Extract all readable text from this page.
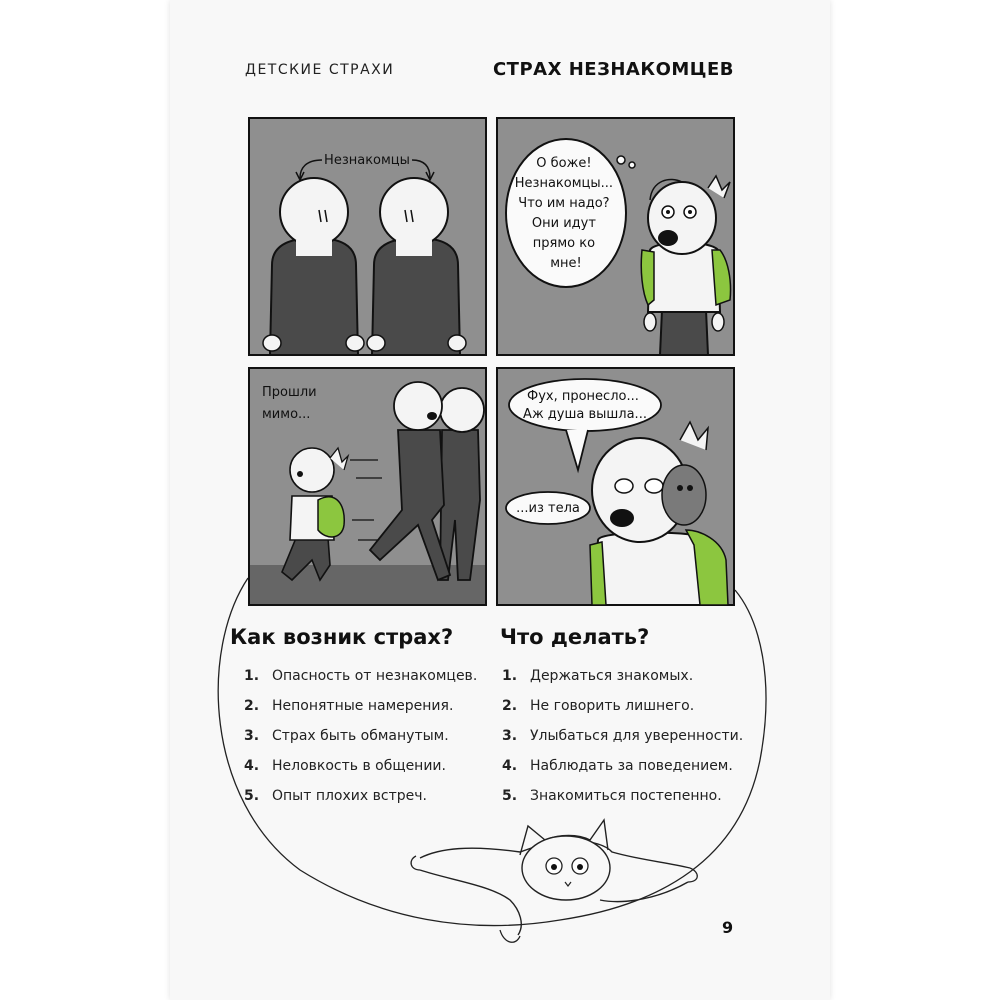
ДЕТСКИЕ СТРАХИ	СТРАХ НЕЗНАКОМЦЕВ
Незнакомцы	О боже! Незнакомцы... Что им надо? Они идут прямо ко мне!
Прошли мимо...
Фух, пронесло... Аж душа вышла...
...из тела
Как возник страх?
1. Опасность от незнакомцев.
2. Непонятные намерения.
3. Страх быть обманутым.
4. Неловкость в общении.
5. Опыт плохих встреч.
Что делать?
1. Держаться знакомых.
2. Не говорить лишнего.
3. Улыбаться для уверенности.
4. Наблюдать за поведением.
5. Знакомиться постепенно.
9
